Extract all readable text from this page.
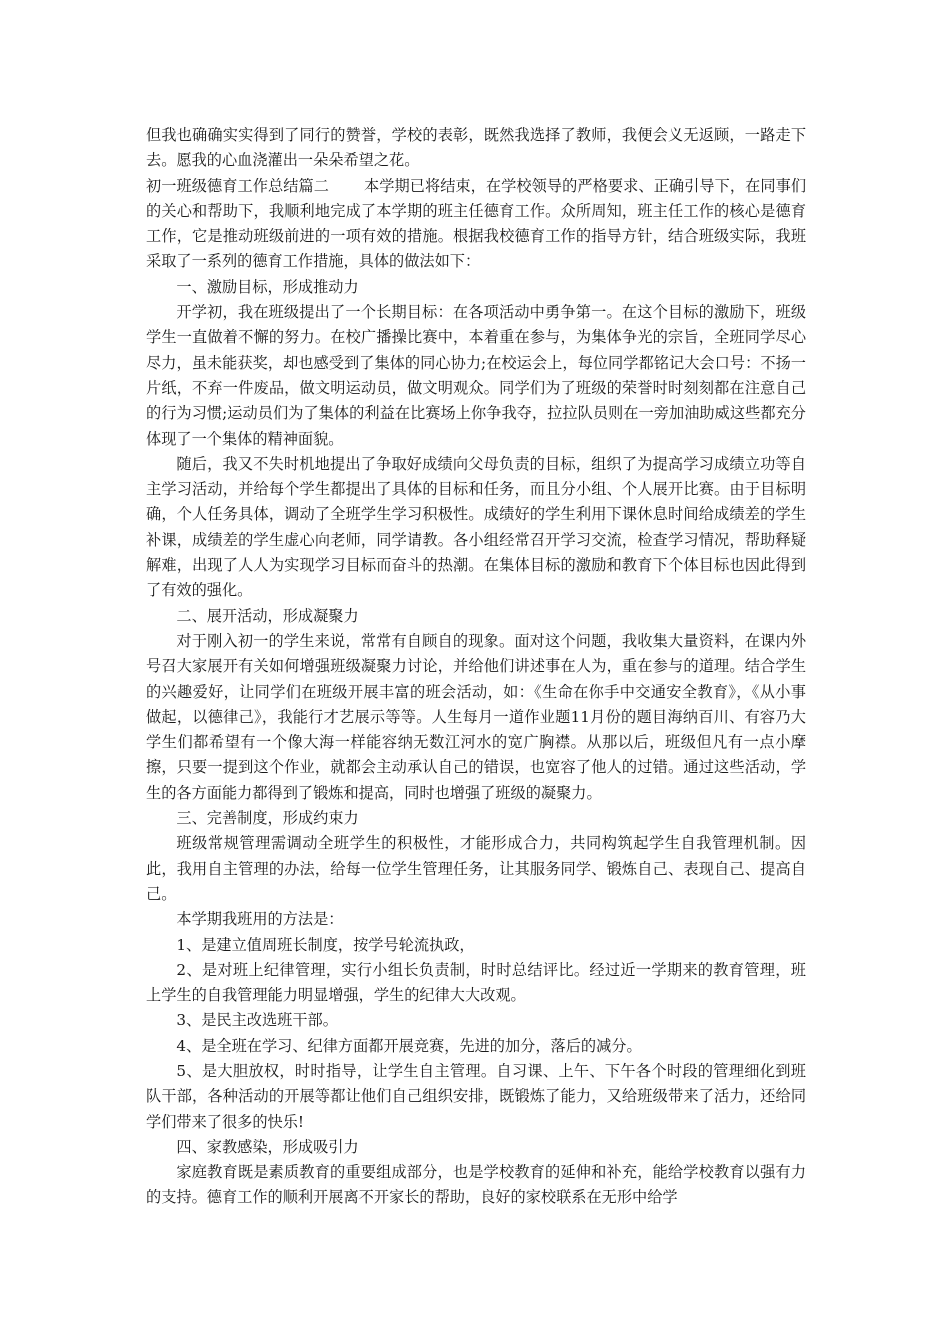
但我也确确实实得到了同行的赞誉，学校的表彰，既然我选择了教师，我便会义无返顾，一路走下去。愿我的心血浇灌出一朵朵希望之花。

初一班级德育工作总结篇二 本学期已将结束，在学校领导的严格要求、正确引导下，在同事们的关心和帮助下，我顺利地完成了本学期的班主任德育工作。众所周知，班主任工作的核心是德育工作，它是推动班级前进的一项有效的措施。根据我校德育工作的指导方针，结合班级实际，我班采取了一系列的德育工作措施，具体的做法如下：

一、激励目标，形成推动力

开学初，我在班级提出了一个长期目标：在各项活动中勇争第一。在这个目标的激励下，班级学生一直做着不懈的努力。在校广播操比赛中，本着重在参与，为集体争光的宗旨，全班同学尽心尽力，虽未能获奖，却也感受到了集体的同心协力;在校运会上，每位同学都铭记大会口号：不扬一片纸，不弃一件废品，做文明运动员，做文明观众。同学们为了班级的荣誉时时刻刻都在注意自己的行为习惯;运动员们为了集体的利益在比赛场上你争我夺，拉拉队员则在一旁加油助威这些都充分体现了一个集体的精神面貌。

随后，我又不失时机地提出了争取好成绩向父母负责的目标，组织了为提高学习成绩立功等自主学习活动，并给每个学生都提出了具体的目标和任务，而且分小组、个人展开比赛。由于目标明确，个人任务具体，调动了全班学生学习积极性。成绩好的学生利用下课休息时间给成绩差的学生补课，成绩差的学生虚心向老师，同学请教。各小组经常召开学习交流，检查学习情况，帮助释疑解难，出现了人人为实现学习目标而奋斗的热潮。在集体目标的激励和教育下个体目标也因此得到了有效的强化。

二、展开活动，形成凝聚力

对于刚入初一的学生来说，常常有自顾自的现象。面对这个问题，我收集大量资料，在课内外号召大家展开有关如何增强班级凝聚力讨论，并给他们讲述事在人为，重在参与的道理。结合学生的兴趣爱好，让同学们在班级开展丰富的班会活动，如：《生命在你手中交通安全教育》，《从小事做起，以德律己》，我能行才艺展示等等。人生每月一道作业题11月份的题目海纳百川、有容乃大学生们都希望有一个像大海一样能容纳无数江河水的宽广胸襟。从那以后，班级但凡有一点小摩擦，只要一提到这个作业，就都会主动承认自己的错误，也宽容了他人的过错。通过这些活动，学生的各方面能力都得到了锻炼和提高，同时也增强了班级的凝聚力。

三、完善制度，形成约束力

班级常规管理需调动全班学生的积极性，才能形成合力，共同构筑起学生自我管理机制。因此，我用自主管理的办法，给每一位学生管理任务，让其服务同学、锻炼自己、表现自己、提高自己。

本学期我班用的方法是：

1、是建立值周班长制度，按学号轮流执政，

2、是对班上纪律管理，实行小组长负责制，时时总结评比。经过近一学期来的教育管理，班上学生的自我管理能力明显增强，学生的纪律大大改观。

3、是民主改选班干部。

4、是全班在学习、纪律方面都开展竞赛，先进的加分，落后的减分。

5、是大胆放权，时时指导，让学生自主管理。自习课、上午、下午各个时段的管理细化到班队干部，各种活动的开展等都让他们自己组织安排，既锻炼了能力，又给班级带来了活力，还给同学们带来了很多的快乐!

四、家教感染，形成吸引力

家庭教育既是素质教育的重要组成部分，也是学校教育的延伸和补充，能给学校教育以强有力的支持。德育工作的顺利开展离不开家长的帮助，良好的家校联系在无形中给学
